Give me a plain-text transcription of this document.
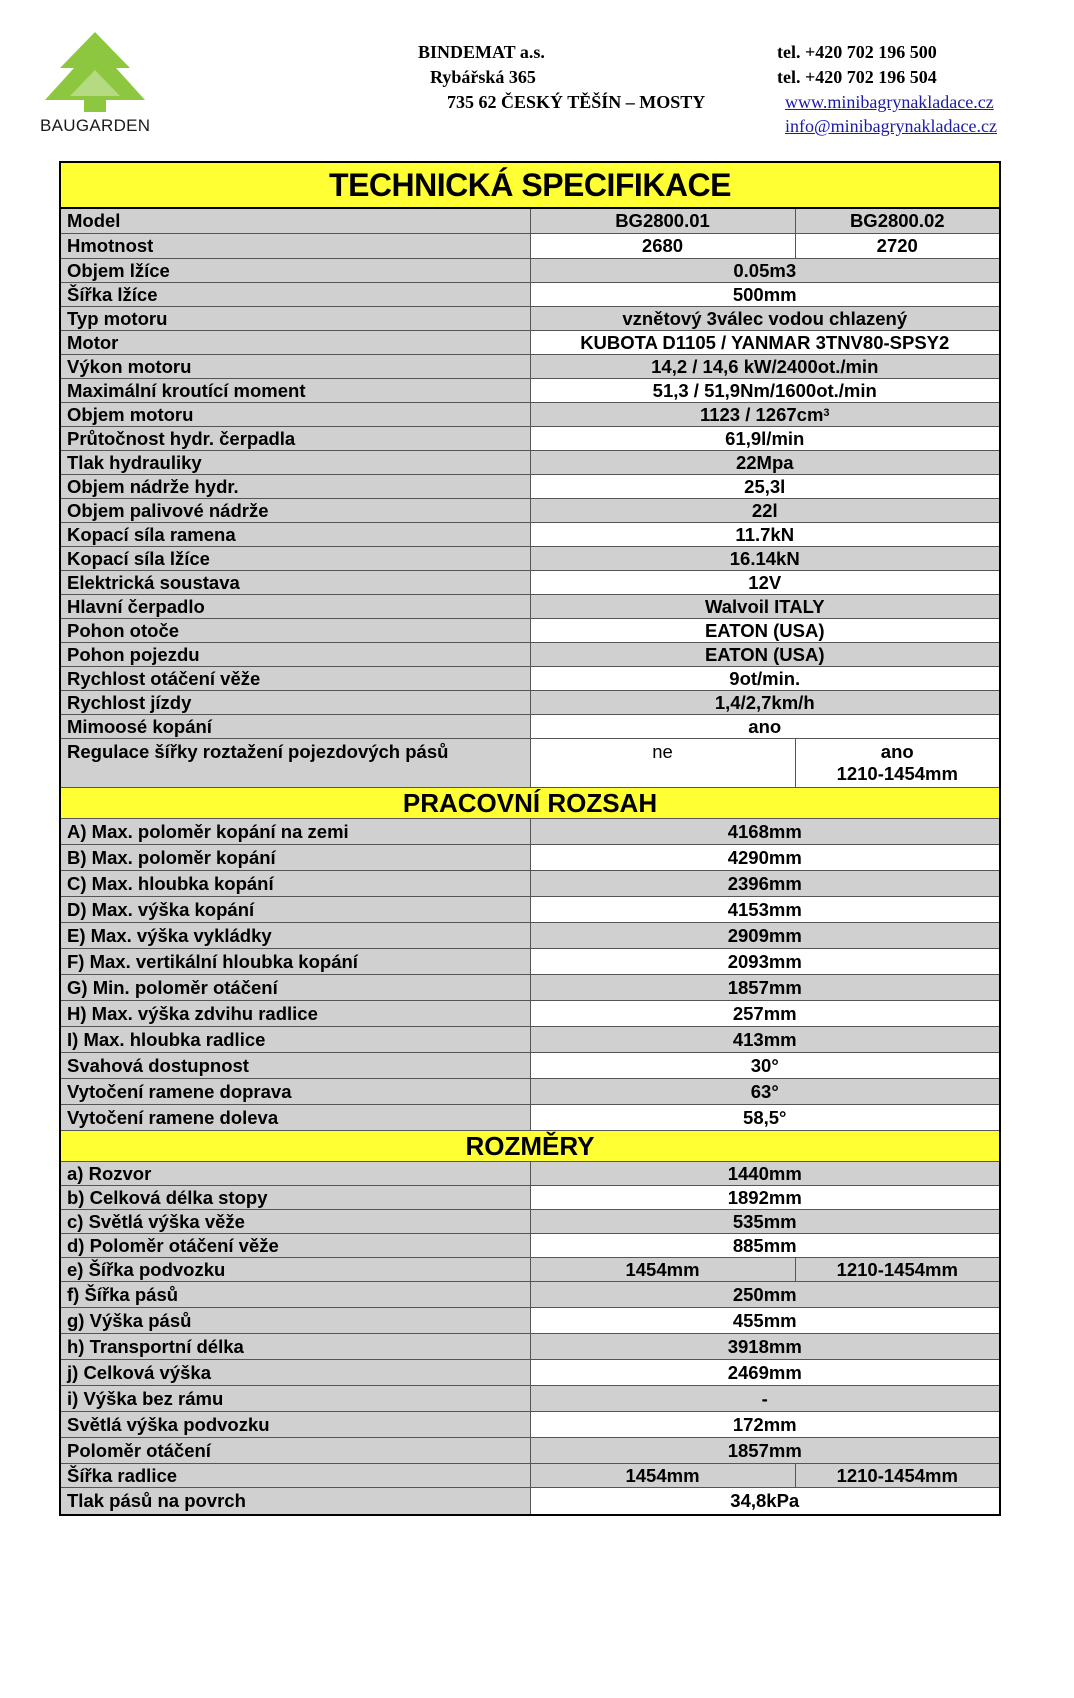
BAUGARDEN
BINDEMAT a.s.
Rybářská 365
735 62 ČESKÝ TĚŠÍN – MOSTY
tel. +420 702 196 500
tel. +420 702 196 504
www.minibagrynakladace.cz
info@minibagrynakladace.cz
TECHNICKÁ SPECIFIKACE		
Model	BG2800.01	BG2800.02
Hmotnost	2680	2720
Objem lžíce	0.05m3	
Šířka lžíce	500mm	
Typ motoru	vznětový 3válec vodou chlazený	
Motor	KUBOTA D1105 / YANMAR 3TNV80-SPSY2	
Výkon motoru	14,2 / 14,6 kW/2400ot./min	
Maximální kroutící moment	51,3 / 51,9Nm/1600ot./min	
Objem motoru	$1123 / 1267cm^3$
Průtočnost hydr. čerpadla	61,9l/min	
Tlak hydrauliky	22Mpa	
Objem nádrže hydr.	25,3l	
Objem palivové nádrže	22l	
Kopací síla ramena	11.7kN	
Kopací síla lžíce	16.14kN	
Elektrická soustava	12V	
Hlavní čerpadlo	Walvoil ITALY	
Pohon otoče	EATON (USA)	
Pohon pojezdu	EATON (USA)	
Rychlost otáčení věže	9ot/min.	
Rychlost jízdy	1,4/2,7km/h	
Mimoosé kopání	ano	
Regulace šířky roztažení pojezdových pásů	ne	ano
1210-1454mm
PRACOVNÍ ROZSAH		
A) Max. poloměr kopání na zemi	4168mm	
B) Max. poloměr kopání	4290mm	
C) Max. hloubka kopání	2396mm	
D) Max. výška kopání	4153mm	
E) Max. výška vykládky	2909mm	
F) Max. vertikální hloubka kopání	2093mm	
G) Min. poloměr otáčení	1857mm	
H) Max. výška zdvihu radlice	257mm	
I) Max. hloubka radlice	413mm	
Svahová dostupnost	30°	
Vytočení ramene doprava	63°	
Vytočení ramene doleva	58,5°	
ROZMĚRY		
a) Rozvor	1440mm	
b) Celková délka stopy	1892mm	
c) Světlá výška věže	535mm	
d) Poloměr otáčení věže	885mm	
e) Šířka podvozku	1454mm	1210-1454mm
f) Šířka pásů	250mm	
g) Výška pásů	455mm	
h) Transportní délka	3918mm	
j) Celková výška	2469mm	
i) Výška bez rámu	-	
Světlá výška podvozku	172mm	
Poloměr otáčení	1857mm	
Šířka radlice	1454mm	1210-1454mm
Tlak pásů na povrch	34,8kPa	
